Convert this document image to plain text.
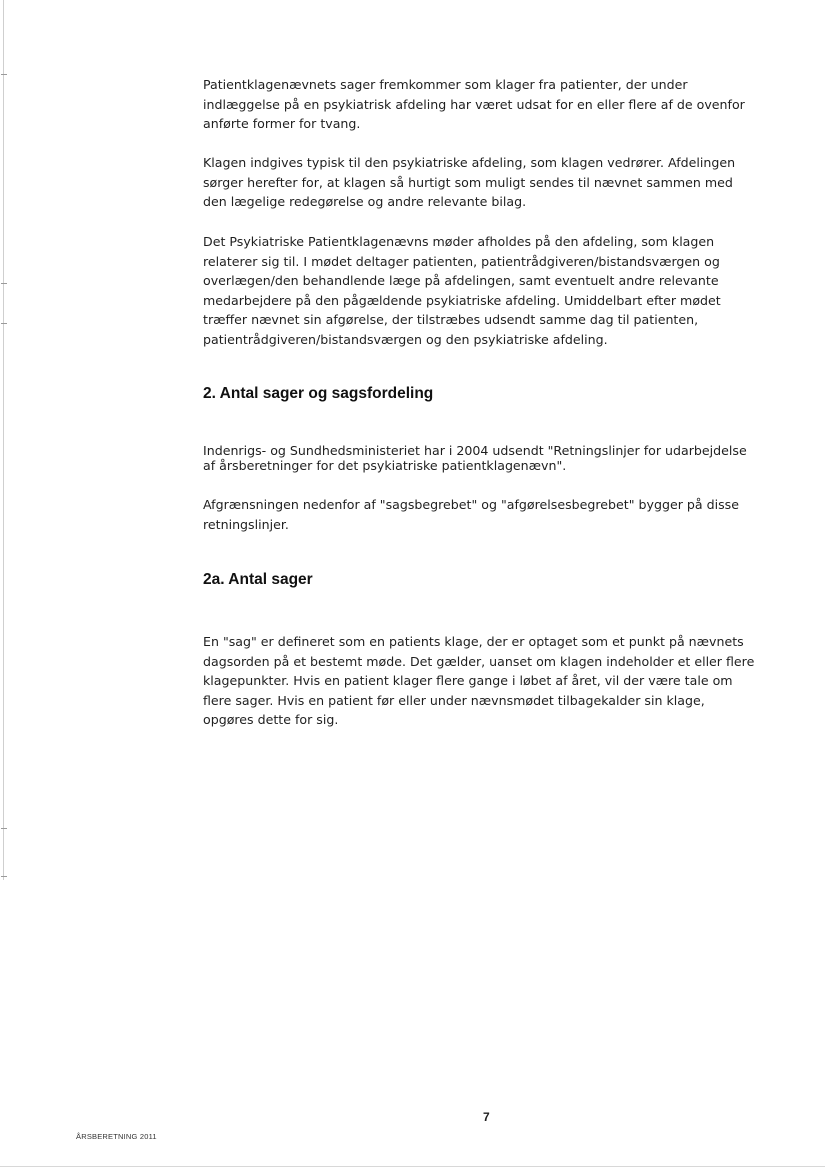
Patientklagenævnets sager fremkommer som klager fra patienter, der under
indlæggelse på en psykiatrisk afdeling har været udsat for en eller flere af de ovenfor
anførte former for tvang.

Klagen indgives typisk til den psykiatriske afdeling, som klagen vedrører. Afdelingen
sørger herefter for, at klagen så hurtigt som muligt sendes til nævnet sammen med
den lægelige redegørelse og andre relevante bilag.

Det Psykiatriske Patientklagenævns møder afholdes på den afdeling, som klagen
relaterer sig til. I mødet deltager patienten, patientrådgiveren/bistandsværgen og
overlægen/den behandlende læge på afdelingen, samt eventuelt andre relevante
medarbejdere på den pågældende psykiatriske afdeling. Umiddelbart efter mødet
træffer nævnet sin afgørelse, der tilstræbes udsendt samme dag til patienten,
patientrådgiveren/bistandsværgen og den psykiatriske afdeling.

2. Antal sager og sagsfordeling

Indenrigs- og Sundhedsministeriet har i 2004 udsendt "Retningslinjer for udarbejdelse
af årsberetninger for det psykiatriske patientklagenævn".

Afgrænsningen nedenfor af "sagsbegrebet" og "afgørelsesbegrebet" bygger på disse
retningslinjer.

2a. Antal sager

En "sag" er defineret som en patients klage, der er optaget som et punkt på nævnets
dagsorden på et bestemt møde. Det gælder, uanset om klagen indeholder et eller flere
klagepunkter. Hvis en patient klager flere gange i løbet af året, vil der være tale om
flere sager. Hvis en patient før eller under nævnsmødet tilbagekalder sin klage,
opgøres dette for sig.

7
ÅRSBERETNING 2011
